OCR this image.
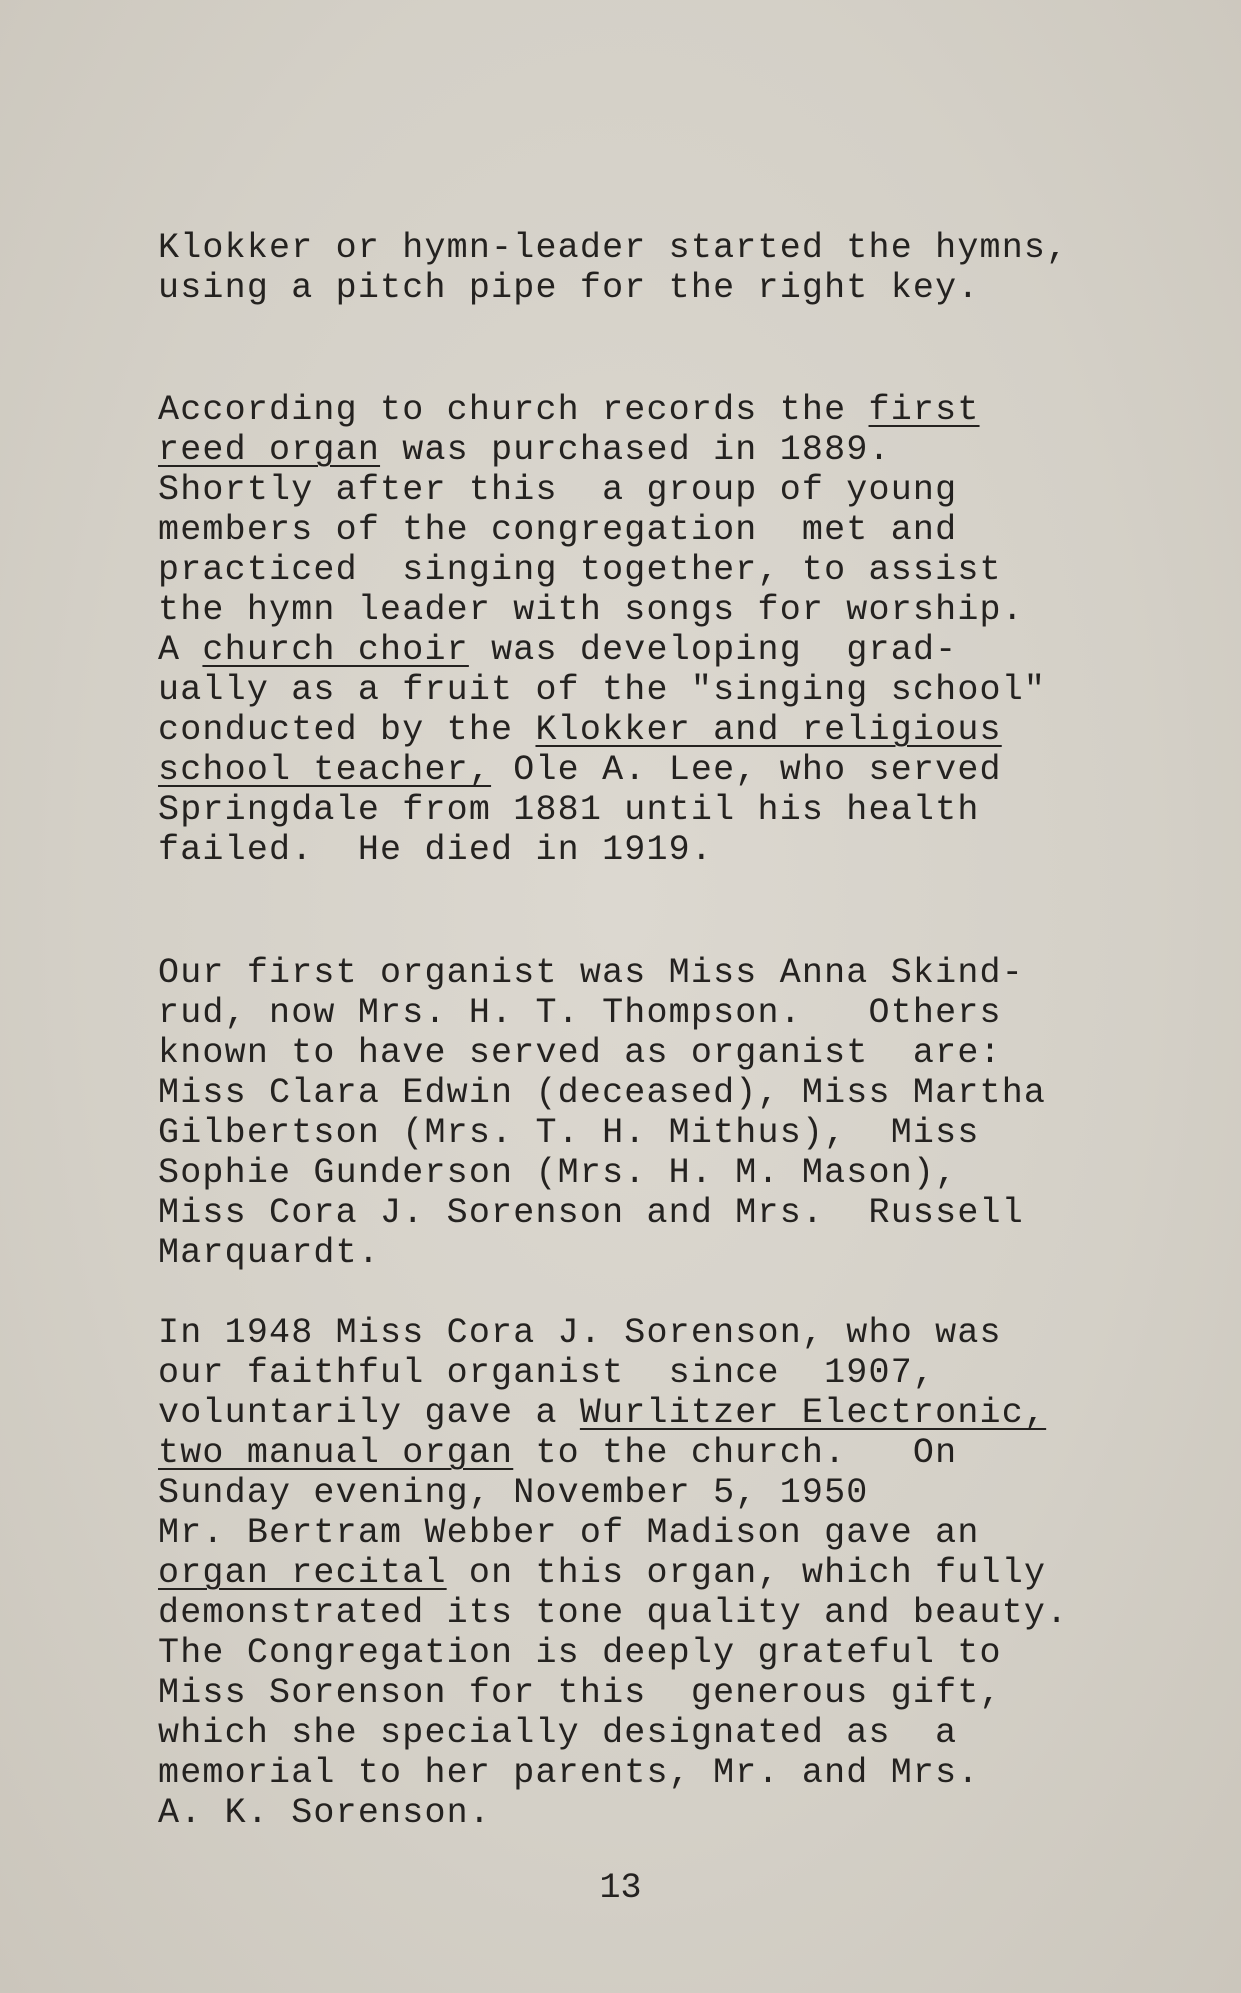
Klokker or hymn-leader started the hymns,
using a pitch pipe for the right key.
According to church records the first
reed organ was purchased in 1889.
Shortly after this  a group of young
members of the congregation  met and
practiced  singing together, to assist
the hymn leader with songs for worship.
A church choir was developing  grad-
ually as a fruit of the "singing school"
conducted by the Klokker and religious
school teacher, Ole A. Lee, who served
Springdale from 1881 until his health
failed.  He died in 1919.
Our first organist was Miss Anna Skind-
rud, now Mrs. H. T. Thompson.   Others
known to have served as organist  are:
Miss Clara Edwin (deceased), Miss Martha
Gilbertson (Mrs. T. H. Mithus),  Miss
Sophie Gunderson (Mrs. H. M. Mason),
Miss Cora J. Sorenson and Mrs.  Russell
Marquardt.
In 1948 Miss Cora J. Sorenson, who was
our faithful organist  since  1907,
voluntarily gave a Wurlitzer Electronic,
two manual organ to the church.   On
Sunday evening, November 5, 1950
Mr. Bertram Webber of Madison gave an
organ recital on this organ, which fully
demonstrated its tone quality and beauty.
The Congregation is deeply grateful to
Miss Sorenson for this  generous gift,
which she specially designated as  a
memorial to her parents, Mr. and Mrs.
A. K. Sorenson.

13
